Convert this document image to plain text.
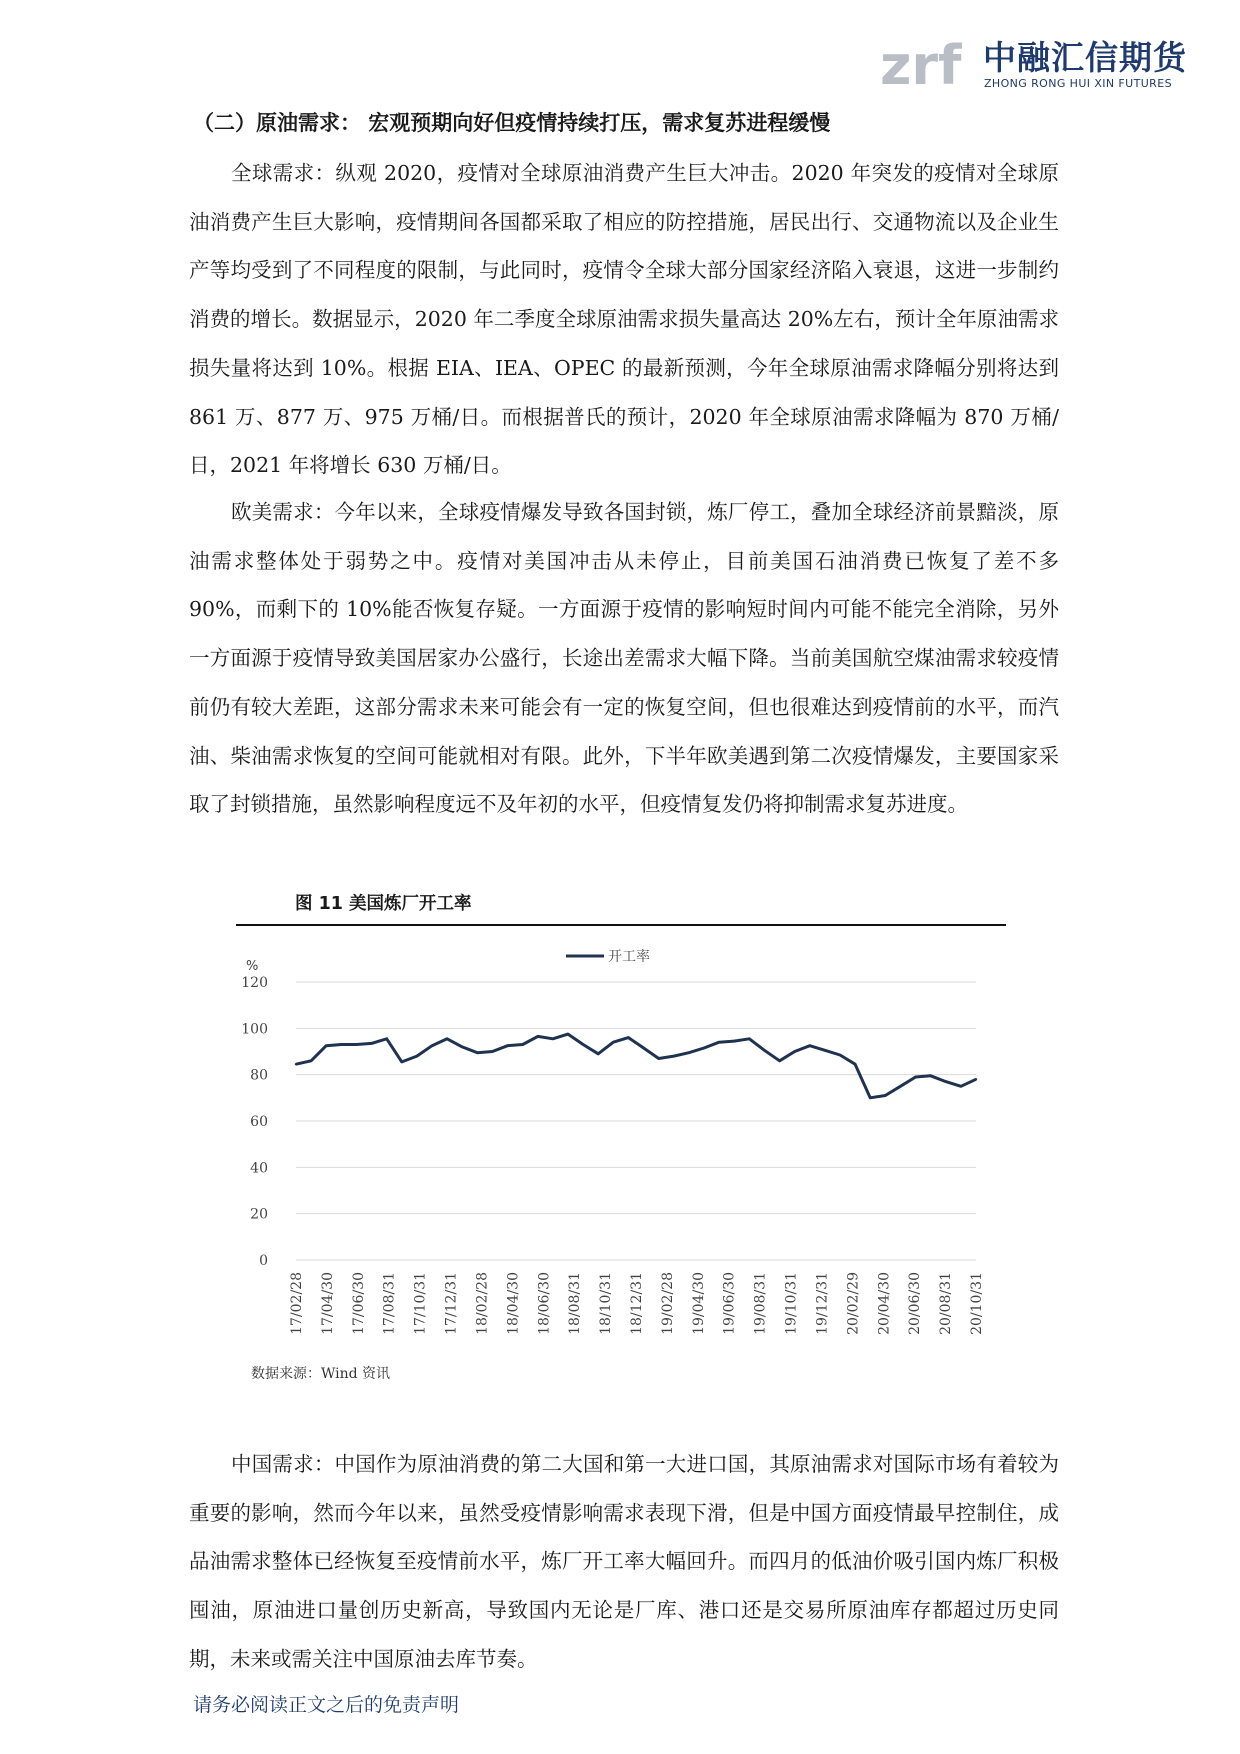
zrf 中融汇信期货
ZHONG RONG HUI XIN FUTURES
（二）原油需求： 宏观预期向好但疫情持续打压，需求复苏进程缓慢

全球需求：纵观 2020，疫情对全球原油消费产生巨大冲击。2020 年突发的疫情对全球原油消费产生巨大影响，疫情期间各国都采取了相应的防控措施，居民出行、交通物流以及企业生产等均受到了不同程度的限制，与此同时，疫情令全球大部分国家经济陷入衰退，这进一步制约消费的增长。数据显示，2020 年二季度全球原油需求损失量高达 20%左右，预计全年原油需求损失量将达到 10%。根据 EIA、IEA、OPEC 的最新预测，今年全球原油需求降幅分别将达到 861 万、877 万、975 万桶/日。而根据普氏的预计，2020 年全球原油需求降幅为 870 万桶/日，2021 年将增长 630 万桶/日。

欧美需求：今年以来，全球疫情爆发导致各国封锁，炼厂停工，叠加全球经济前景黯淡，原油需求整体处于弱势之中。疫情对美国冲击从未停止，目前美国石油消费已恢复了差不多 90%，而剩下的 10%能否恢复存疑。一方面源于疫情的影响短时间内可能不能完全消除，另外一方面源于疫情导致美国居家办公盛行，长途出差需求大幅下降。当前美国航空煤油需求较疫情前仍有较大差距，这部分需求未来可能会有一定的恢复空间，但也很难达到疫情前的水平，而汽油、柴油需求恢复的空间可能就相对有限。此外，下半年欧美遇到第二次疫情爆发，主要国家采取了封锁措施，虽然影响程度远不及年初的水平，但疫情复发仍将抑制需求复苏进度。

图 11 美国炼厂开工率
0
20
40
60
80
100
120
%
17/02/28 17/04/30 17/06/30 17/08/31 17/10/31 17/12/31 18/02/28 18/04/30 18/06/30 18/08/31 18/10/31 18/12/31 19/02/28 19/04/30 19/06/30 19/08/31 19/10/31 19/12/31 20/02/29 20/04/30 20/06/30 20/08/31 20/10/31
开工率
数据来源：Wind 资讯

中国需求：中国作为原油消费的第二大国和第一大进口国，其原油需求对国际市场有着较为重要的影响，然而今年以来，虽然受疫情影响需求表现下滑，但是中国方面疫情最早控制住，成品油需求整体已经恢复至疫情前水平，炼厂开工率大幅回升。而四月的低油价吸引国内炼厂积极囤油，原油进口量创历史新高，导致国内无论是厂库、港口还是交易所原油库存都超过历史同期，未来或需关注中国原油去库节奏。

请务必阅读正文之后的免责声明
